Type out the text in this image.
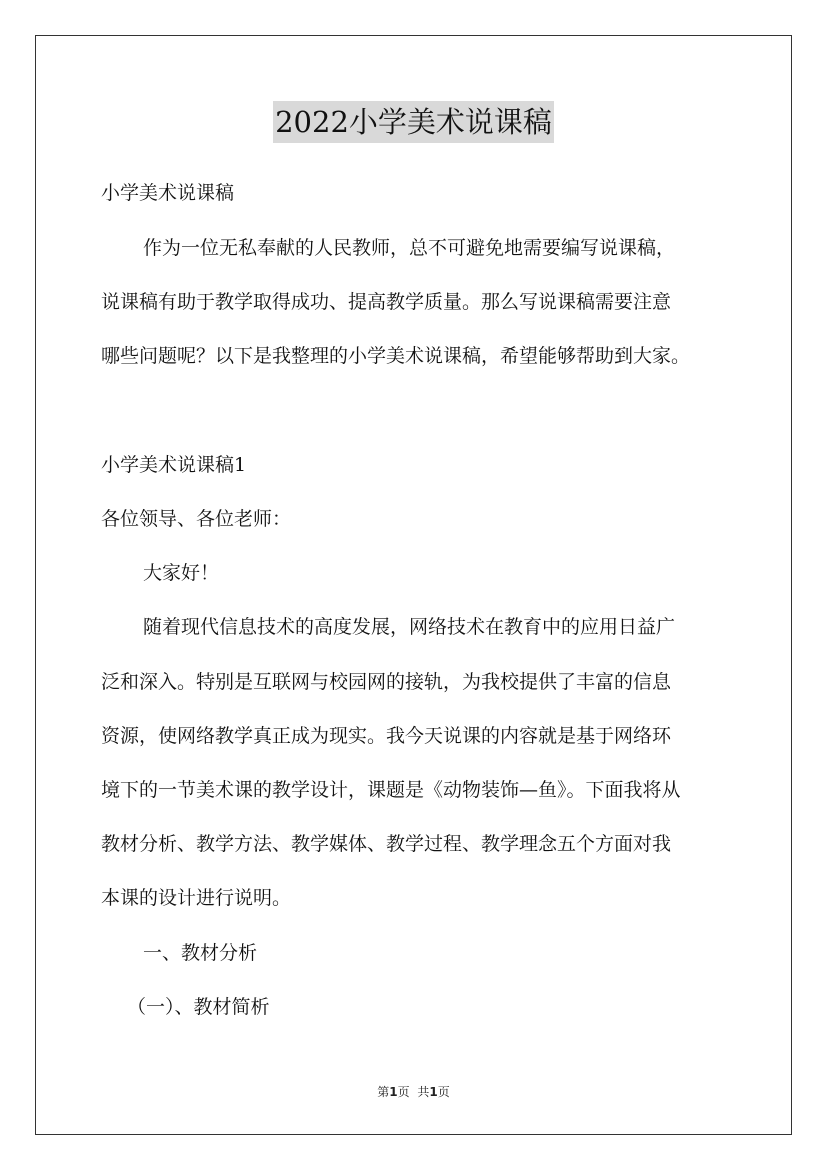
2022小学美术说课稿
小学美术说课稿
作为一位无私奉献的人民教师，总不可避免地需要编写说课稿，
说课稿有助于教学取得成功、提高教学质量。那么写说课稿需要注意
哪些问题呢？以下是我整理的小学美术说课稿，希望能够帮助到大家。
小学美术说课稿1
各位领导、各位老师：
大家好！
随着现代信息技术的高度发展，网络技术在教育中的应用日益广
泛和深入。特别是互联网与校园网的接轨，为我校提供了丰富的信息
资源，使网络教学真正成为现实。我今天说课的内容就是基于网络环
境下的一节美术课的教学设计，课题是《动物装饰—鱼》。下面我将从
教材分析、教学方法、教学媒体、教学过程、教学理念五个方面对我
本课的设计进行说明。
一、教材分析
（一）、教材简析
第1页 共1页
